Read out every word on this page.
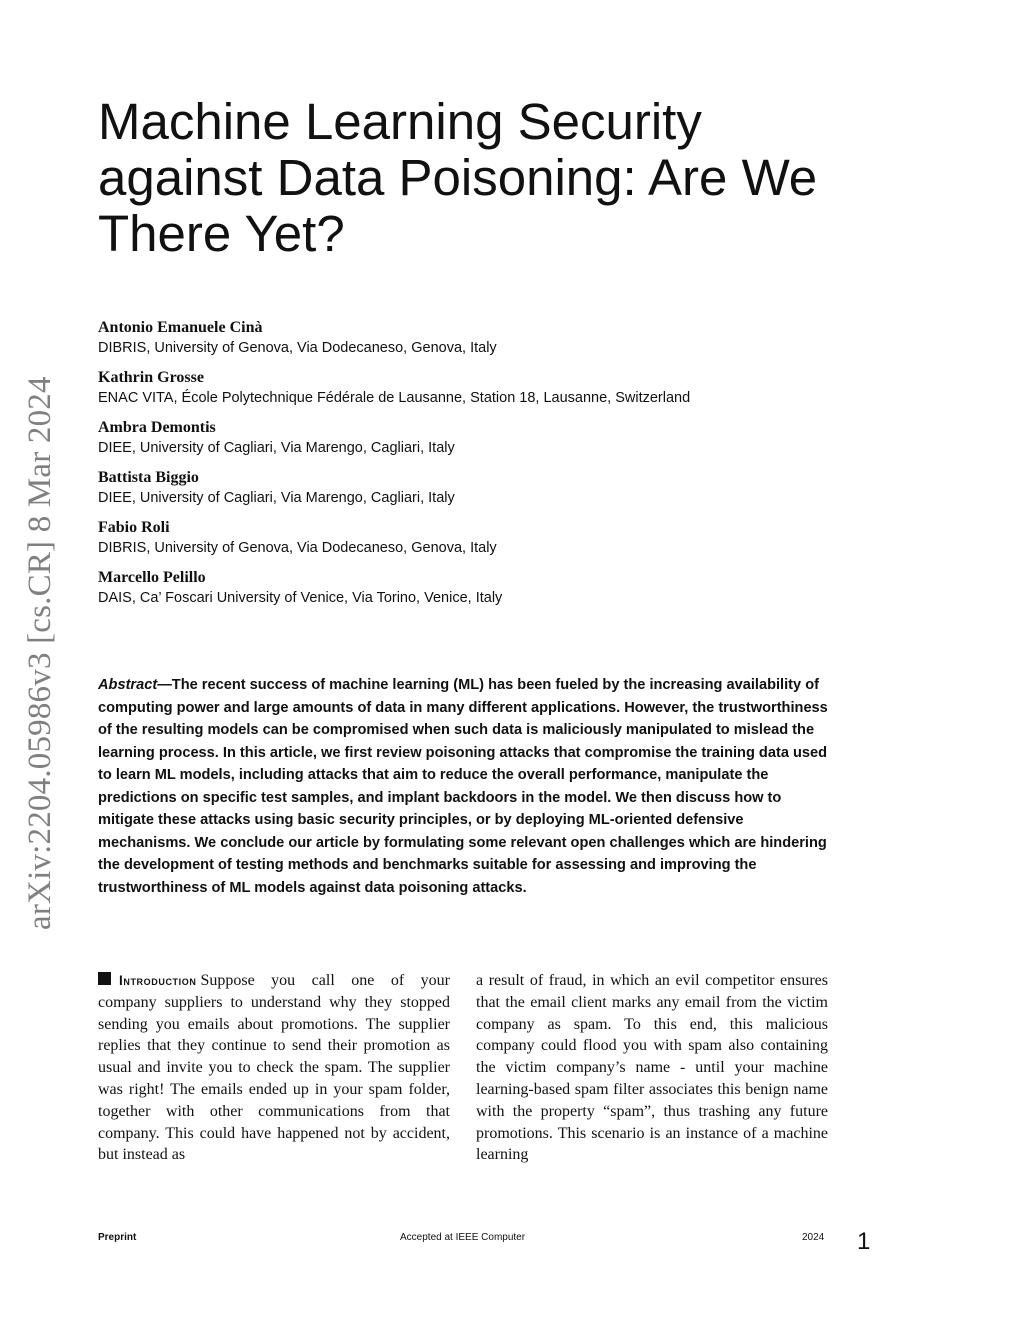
arXiv:2204.05986v3 [cs.CR] 8 Mar 2024
Machine Learning Security against Data Poisoning: Are We There Yet?
Antonio Emanuele Cinà
DIBRIS, University of Genova, Via Dodecaneso, Genova, Italy
Kathrin Grosse
ENAC VITA, École Polytechnique Fédérale de Lausanne, Station 18, Lausanne, Switzerland
Ambra Demontis
DIEE, University of Cagliari, Via Marengo, Cagliari, Italy
Battista Biggio
DIEE, University of Cagliari, Via Marengo, Cagliari, Italy
Fabio Roli
DIBRIS, University of Genova, Via Dodecaneso, Genova, Italy
Marcello Pelillo
DAIS, Ca’ Foscari University of Venice, Via Torino, Venice, Italy

Abstract—The recent success of machine learning (ML) has been fueled by the increasing availability of computing power and large amounts of data in many different applications. However, the trustworthiness of the resulting models can be compromised when such data is maliciously manipulated to mislead the learning process. In this article, we first review poisoning attacks that compromise the training data used to learn ML models, including attacks that aim to reduce the overall performance, manipulate the predictions on specific test samples, and implant backdoors in the model. We then discuss how to mitigate these attacks using basic security principles, or by deploying ML-oriented defensive mechanisms. We conclude our article by formulating some relevant open challenges which are hindering the development of testing methods and benchmarks suitable for assessing and improving the trustworthiness of ML models against data poisoning attacks.

Introduction Suppose you call one of your company suppliers to understand why they stopped sending you emails about promotions. The supplier replies that they continue to send their promotion as usual and invite you to check the spam. The supplier was right! The emails ended up in your spam folder, together with other communications from that company. This could have happened not by accident, but instead as

a result of fraud, in which an evil competitor ensures that the email client marks any email from the victim company as spam. To this end, this malicious company could flood you with spam also containing the victim company’s name - until your machine learning-based spam filter associates this benign name with the property “spam”, thus trashing any future promotions. This scenario is an instance of a machine learning

Preprint	Accepted at IEEE Computer	2024 1
